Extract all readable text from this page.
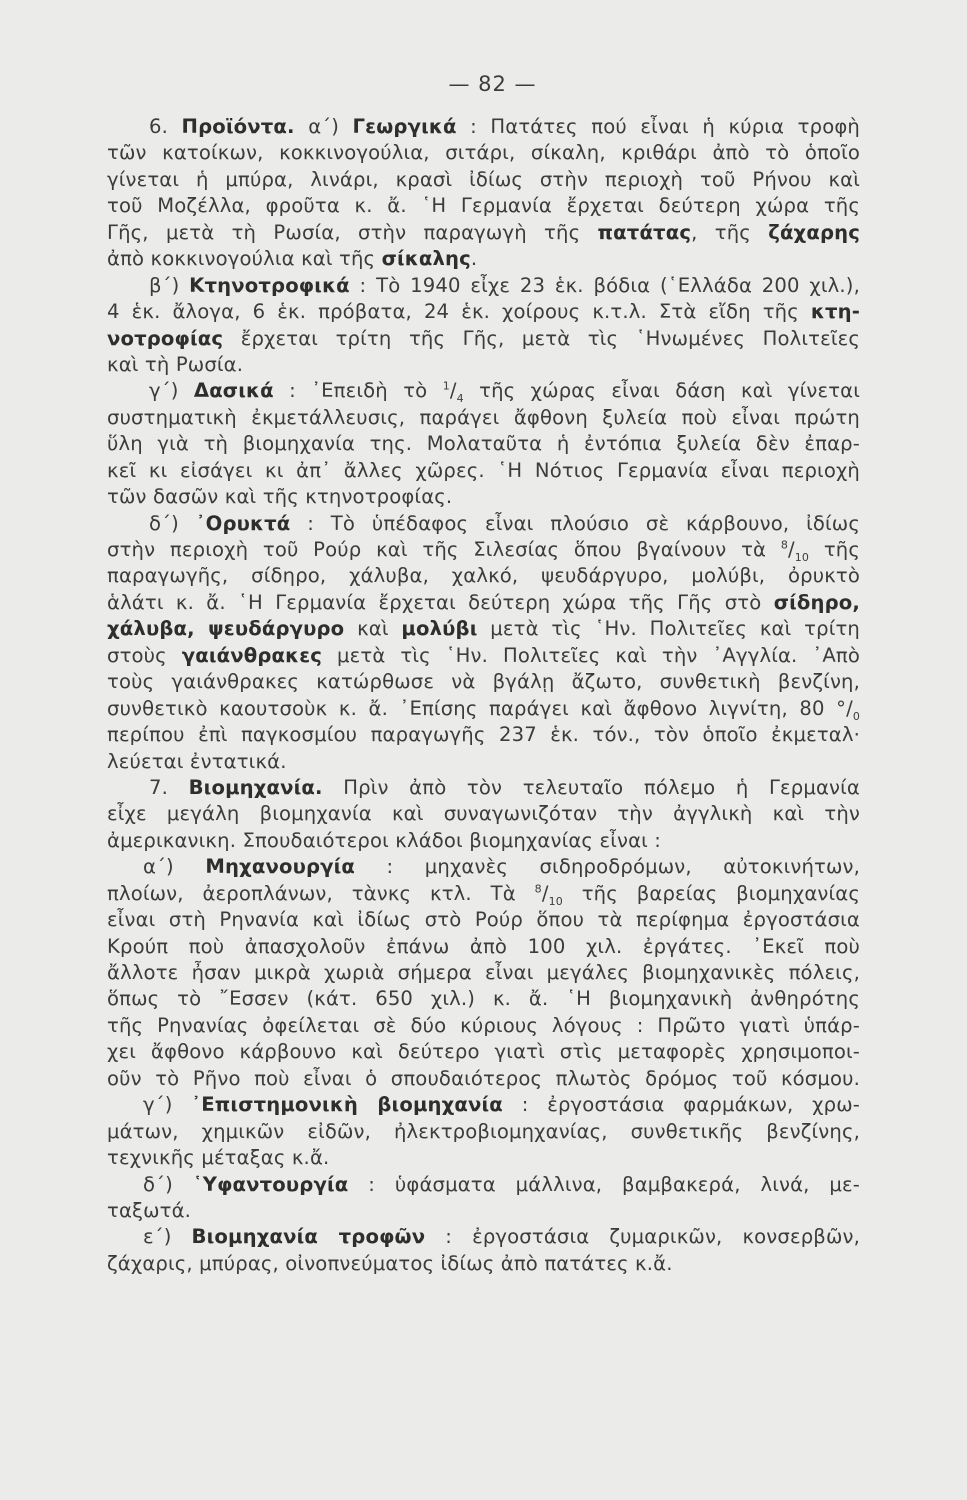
— 82 —
6. Προϊόντα. α΄) Γεωργικά : Πατάτες πού εἶναι ἡ κύρια τροφὴ
τῶν κατοίκων, κοκκινογούλια, σιτάρι, σίκαλη, κριθάρι ἀπὸ τὸ ὁποῖο
γίνεται ἡ μπύρα, λινάρι, κρασὶ ἰδίως στὴν περιοχὴ τοῦ Ρήνου καὶ
τοῦ Μοζέλλα, φροῦτα κ. ἄ. ῾Η Γερμανία ἔρχεται δεύτερη χώρα τῆς
Γῆς, μετὰ τὴ Ρωσία, στὴν παραγωγὴ τῆς πατάτας, τῆς ζάχαρης
ἀπὸ κοκκινογούλια καὶ τῆς σίκαλης.
β΄) Κτηνοτροφικά : Τὸ 1940 εἶχε 23 ἑκ. βόδια (῾Ελλάδα 200 χιλ.),
4 ἑκ. ἄλογα, 6 ἑκ. πρόβατα, 24 ἑκ. χοίρους κ.τ.λ. Στὰ εἴδη τῆς κτη-
νοτροφίας ἔρχεται τρίτη τῆς Γῆς, μετὰ τὶς ῾Ηνωμένες Πολιτεῖες
καὶ τὴ Ρωσία.
γ΄) Δασικά : ᾿Επειδὴ τὸ $^1/_4$ τῆς χώρας εἶναι δάση καὶ γίνεται
συστηματικὴ ἐκμετάλλευσις, παράγει ἄφθονη ξυλεία ποὺ εἶναι πρώτη
ὕλη γιὰ τὴ βιομηχανία της. Μολαταῦτα ἡ ἐντόπια ξυλεία δὲν ἐπαρ-
κεῖ κι εἰσάγει κι ἀπ᾿ ἄλλες χῶρες. ῾Η Νότιος Γερμανία εἶναι περιοχὴ
τῶν δασῶν καὶ τῆς κτηνοτροφίας.
δ΄) ᾿Ορυκτά : Τὸ ὑπέδαφος εἶναι πλούσιο σὲ κάρβουνο, ἰδίως
στὴν περιοχὴ τοῦ Ρούρ καὶ τῆς Σιλεσίας ὅπου βγαίνουν τὰ $^8/_{10}$ τῆς
παραγωγῆς, σίδηρο, χάλυβα, χαλκό, ψευδάργυρο, μολύβι, ὀρυκτὸ
ἁλάτι κ. ἄ. ῾Η Γερμανία ἔρχεται δεύτερη χώρα τῆς Γῆς στὸ σίδηρο,
χάλυβα, ψευδάργυρο καὶ μολύβι μετὰ τὶς ῾Ην. Πολιτεῖες καὶ τρίτη
στοὺς γαιάνθρακες μετὰ τὶς ῾Ην. Πολιτεῖες καὶ τὴν ᾿Αγγλία. ᾿Απὸ
τοὺς γαιάνθρακες κατώρθωσε νὰ βγάλῃ ἄζωτο, συνθετικὴ βενζίνη,
συνθετικὸ καουτσοὺκ κ. ἄ. ᾿Επίσης παράγει καὶ ἄφθονο λιγνίτη, 80 $^\circ/_0$
περίπου ἐπὶ παγκοσμίου παραγωγῆς 237 ἑκ. τόν., τὸν ὁποῖο ἐκμεταλ·
λεύεται ἐντατικά.
7. Βιομηχανία. Πρὶν ἀπὸ τὸν τελευταῖο πόλεμο ἡ Γερμανία
εἶχε μεγάλη βιομηχανία καὶ συναγωνιζόταν τὴν ἀγγλικὴ καὶ τὴν
ἀμερικανικη. Σπουδαιότεροι κλάδοι βιομηχανίας εἶναι :
α΄) Μηχανουργία : μηχανὲς σιδηροδρόμων, αὐτοκινήτων,
πλοίων, ἀεροπλάνων, τὰνκς κτλ. Τὰ $^8/_{10}$ τῆς βαρείας βιομηχανίας
εἶναι στὴ Ρηνανία καὶ ἰδίως στὸ Ρούρ ὅπου τὰ περίφημα ἐργοστάσια
Κρούπ ποὺ ἀπασχολοῦν ἐπάνω ἀπὸ 100 χιλ. ἐργάτες. ᾿Εκεῖ ποὺ
ἄλλοτε ἦσαν μικρὰ χωριὰ σήμερα εἶναι μεγάλες βιομηχανικὲς πόλεις,
ὅπως τὸ ῎Εσσεν (κάτ. 650 χιλ.) κ. ἄ. ῾Η βιομηχανικὴ ἀνθηρότης
τῆς Ρηνανίας ὀφείλεται σὲ δύο κύριους λόγους : Πρῶτο γιατὶ ὑπάρ-
χει ἄφθονο κάρβουνο καὶ δεύτερο γιατὶ στὶς μεταφορὲς χρησιμοποι-
οῦν τὸ Ρῆνο ποὺ εἶναι ὁ σπουδαιότερος πλωτὸς δρόμος τοῦ κόσμου.
γ΄) ᾿Επιστημονικὴ βιομηχανία : ἐργοστάσια φαρμάκων, χρω-
μάτων, χημικῶν εἰδῶν, ἠλεκτροβιομηχανίας, συνθετικῆς βενζίνης,
τεχνικῆς μέταξας κ.ἄ.
δ΄) ῾Υφαντουργία : ὑφάσματα μάλλινα, βαμβακερά, λινά, με-
ταξωτά.
ε΄) Βιομηχανία τροφῶν : ἐργοστάσια ζυμαρικῶν, κονσερβῶν,
ζάχαρις, μπύρας, οἰνοπνεύματος ἰδίως ἀπὸ πατάτες κ.ἄ.
